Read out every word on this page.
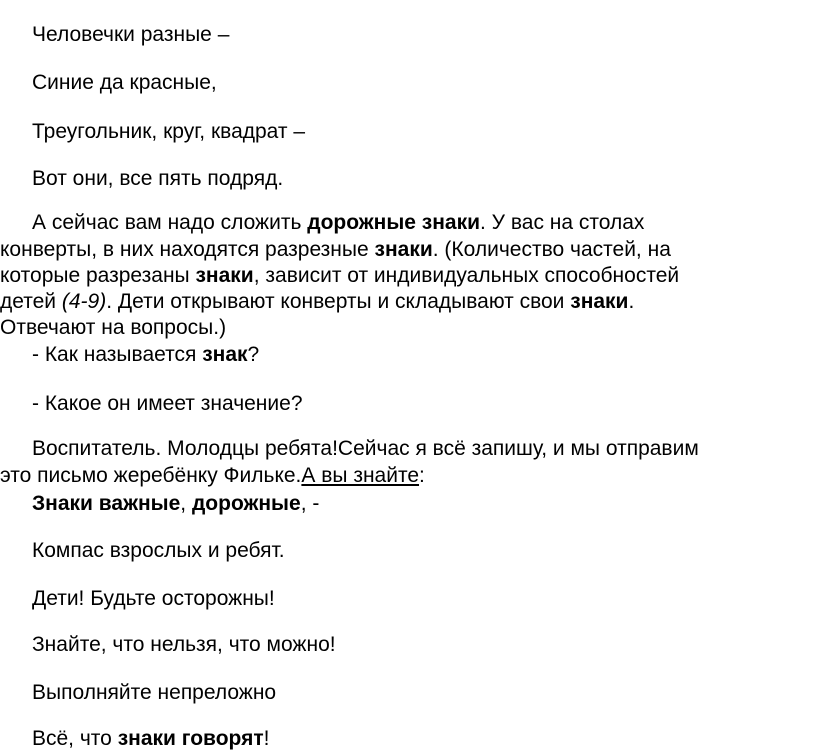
Человечки разные –
Синие да красные,
Треугольник, круг, квадрат –
Вот они, все пять подряд.
А сейчас вам надо сложить дорожные знаки. У вас на столах
конверты, в них находятся разрезные знаки. (Количество частей, на
которые разрезаны знаки, зависит от индивидуальных способностей
детей (4-9). Дети открывают конверты и складывают свои знаки.
Отвечают на вопросы.)
- Как называется знак?
- Какое он имеет значение?
Воспитатель. Молодцы ребята!Сейчас я всё запишу, и мы отправим
это письмо жеребёнку Фильке.А вы знайте:
Знаки важные, дорожные, -
Компас взрослых и ребят.
Дети! Будьте осторожны!
Знайте, что нельзя, что можно!
Выполняйте непреложно
Всё, что знаки говорят!
